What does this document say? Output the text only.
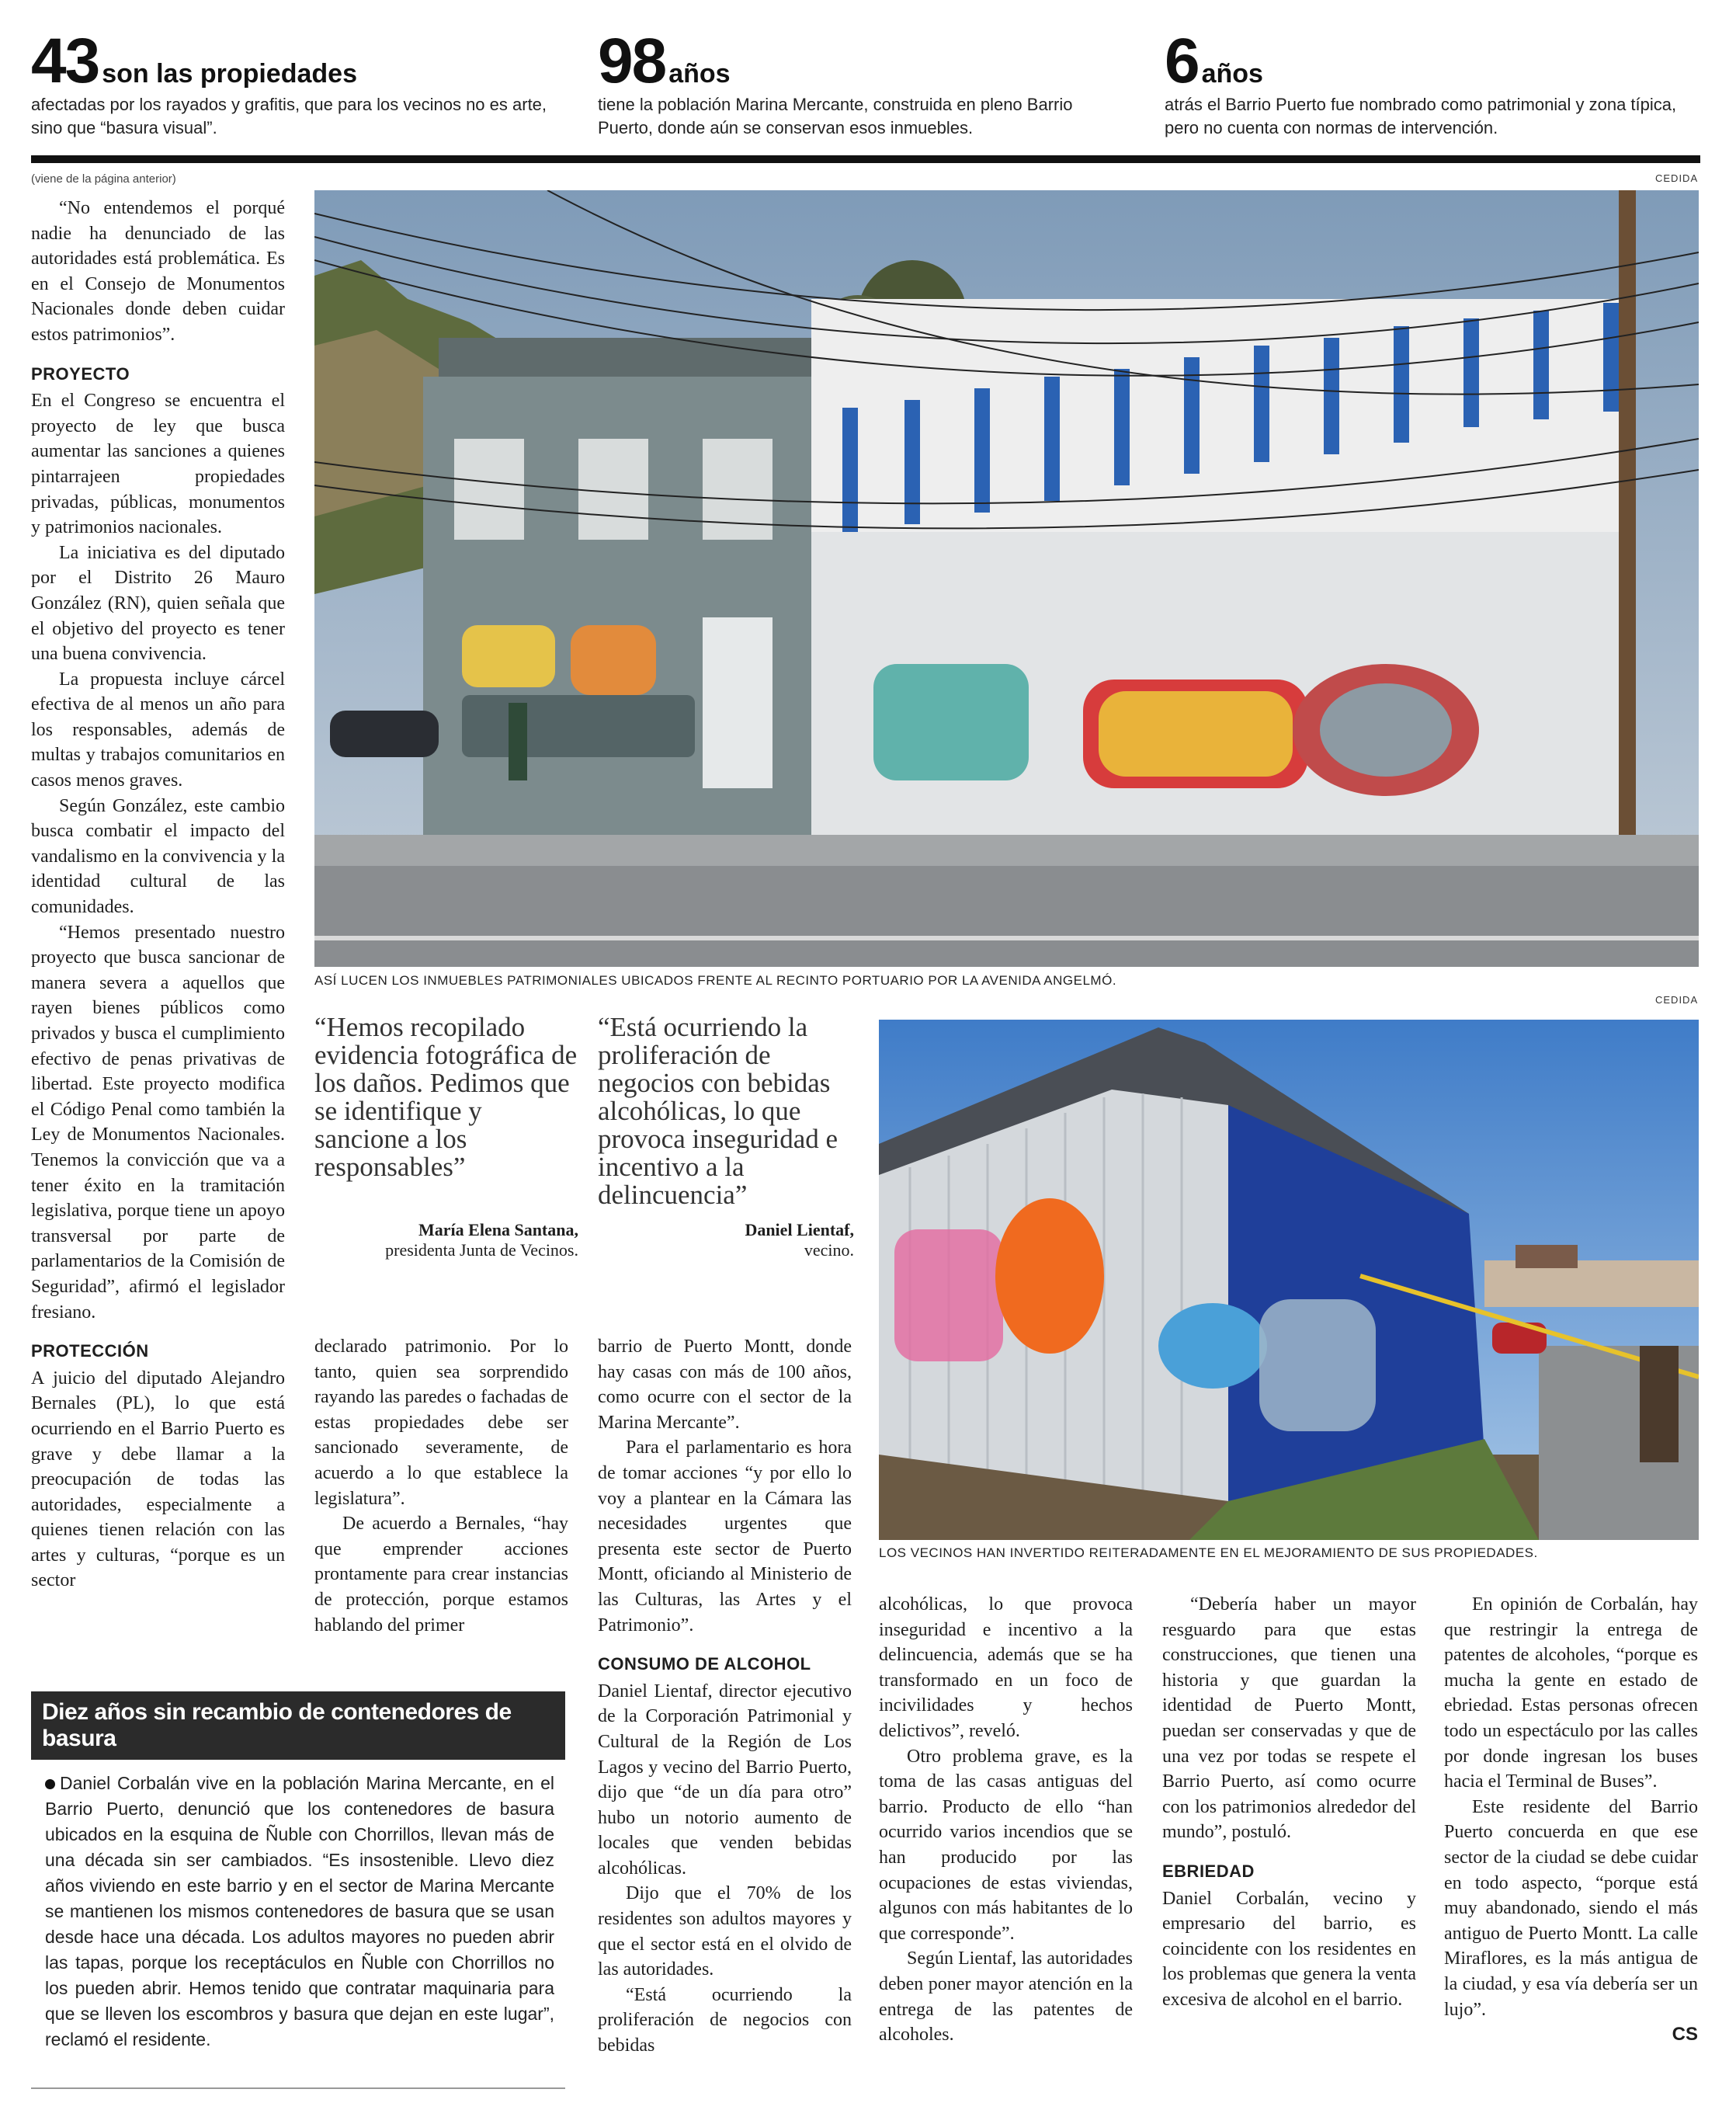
43 son las propiedades
afectadas por los rayados y grafitis, que para los vecinos no es arte, sino que “basura visual”.
98 años
tiene la población Marina Mercante, construida en pleno Barrio Puerto, donde aún se conservan esos inmuebles.
6 años
atrás el Barrio Puerto fue nombrado como patrimonial y zona típica, pero no cuenta con normas de intervención.
(viene de la página anterior)

“No entendemos el porqué nadie ha denunciado de las autoridades está problemática. Es en el Consejo de Monumentos Nacionales donde deben cuidar estos patrimonios”.

PROYECTO

En el Congreso se encuentra el proyecto de ley que busca aumentar las sanciones a quienes pintarrajeen propiedades privadas, públicas, monumentos y patrimonios nacionales.

La iniciativa es del diputado por el Distrito 26 Mauro González (RN), quien señala que el objetivo del proyecto es tener una buena convivencia.

La propuesta incluye cárcel efectiva de al menos un año para los responsables, además de multas y trabajos comunitarios en casos menos graves.

Según González, este cambio busca combatir el impacto del vandalismo en la convivencia y la identidad cultural de las comunidades.

“Hemos presentado nuestro proyecto que busca sancionar de manera severa a aquellos que rayen bienes públicos como privados y busca el cumplimiento efectivo de penas privativas de libertad. Este proyecto modifica el Código Penal como también la Ley de Monumentos Nacionales. Tenemos la convicción que va a tener éxito en la tramitación legislativa, porque tiene un apoyo transversal por parte de parlamentarios de la Comisión de Seguridad”, afirmó el legislador fresiano.

PROTECCIÓN

A juicio del diputado Alejandro Bernales (PL), lo que está ocurriendo en el Barrio Puerto es grave y debe llamar a la preocupación de todas las autoridades, especialmente a quienes tienen relación con las artes y culturas, “porque es un sector

CEDIDA
ASÍ LUCEN LOS INMUEBLES PATRIMONIALES UBICADOS FRENTE AL RECINTO PORTUARIO POR LA AVENIDA ANGELMÓ.
CEDIDA
“Hemos recopilado evidencia fotográfica de los daños. Pedimos que se identifique y sancione a los responsables”
María Elena Santana,
presidenta Junta de Vecinos.
“Está ocurriendo la proliferación de negocios con bebidas alcohólicas, lo que provoca inseguridad e incentivo a la delincuencia”
Daniel Lientaf,
vecino.
LOS VECINOS HAN INVERTIDO REITERADAMENTE EN EL MEJORAMIENTO DE SUS PROPIEDADES.

declarado patrimonio. Por lo tanto, quien sea sorprendido rayando las paredes o fachadas de estas propiedades debe ser sancionado severamente, de acuerdo a lo que establece la legislatura”.

De acuerdo a Bernales, “hay que emprender acciones prontamente para crear instancias de protección, porque estamos hablando del primer

barrio de Puerto Montt, donde hay casas con más de 100 años, como ocurre con el sector de la Marina Mercante”.

Para el parlamentario es hora de tomar acciones “y por ello lo voy a plantear en la Cámara las necesidades urgentes que presenta este sector de Puerto Montt, oficiando al Ministerio de las Culturas, las Artes y el Patrimonio”.

CONSUMO DE ALCOHOL

Daniel Lientaf, director ejecutivo de la Corporación Patrimonial y Cultural de la Región de Los Lagos y vecino del Barrio Puerto, dijo que “de un día para otro” hubo un notorio aumento de locales que venden bebidas alcohólicas.

Dijo que el 70% de los residentes son adultos mayores y que el sector está en el olvido de las autoridades.

“Está ocurriendo la proliferación de negocios con bebidas

alcohólicas, lo que provoca inseguridad e incentivo a la delincuencia, además que se ha transformado en un foco de incivilidades y hechos delictivos”, reveló.

Otro problema grave, es la toma de las casas antiguas del barrio. Producto de ello “han ocurrido varios incendios que se han producido por las ocupaciones de estas viviendas, algunos con más habitantes de lo que corresponde”.

Según Lientaf, las autoridades deben poner mayor atención en la entrega de las patentes de alcoholes.

“Debería haber un mayor resguardo para que estas construcciones, que tienen una historia y que guardan la identidad de Puerto Montt, puedan ser conservadas y que de una vez por todas se respete el Barrio Puerto, así como ocurre con los patrimonios alrededor del mundo”, postuló.

EBRIEDAD

Daniel Corbalán, vecino y empresario del barrio, es coincidente con los residentes en los problemas que genera la venta excesiva de alcohol en el barrio.

En opinión de Corbalán, hay que restringir la entrega de patentes de alcoholes, “porque es mucha la gente en estado de ebriedad. Estas personas ofrecen todo un espectáculo por las calles por donde ingresan los buses hacia el Terminal de Buses”.

Este residente del Barrio Puerto concuerda en que ese sector de la ciudad se debe cuidar en todo aspecto, “porque está muy abandonado, siendo el más antiguo de Puerto Montt. La calle Miraflores, es la más antigua de la ciudad, y esa vía debería ser un lujo”.

CS
Diez años sin recambio de contenedores de basura
Daniel Corbalán vive en la población Marina Mercante, en el Barrio Puerto, denunció que los contenedores de basura ubicados en la esquina de Ñuble con Chorrillos, llevan más de una década sin ser cambiados. “Es insostenible. Llevo diez años viviendo en este barrio y en el sector de Marina Mercante se mantienen los mismos contenedores de basura que se usan desde hace una década. Los adultos mayores no pueden abrir las tapas, porque los receptáculos en Ñuble con Chorrillos no los pueden abrir. Hemos tenido que contratar maquinaria para que se lleven los escombros y basura que dejan en este lugar”, reclamó el residente.
